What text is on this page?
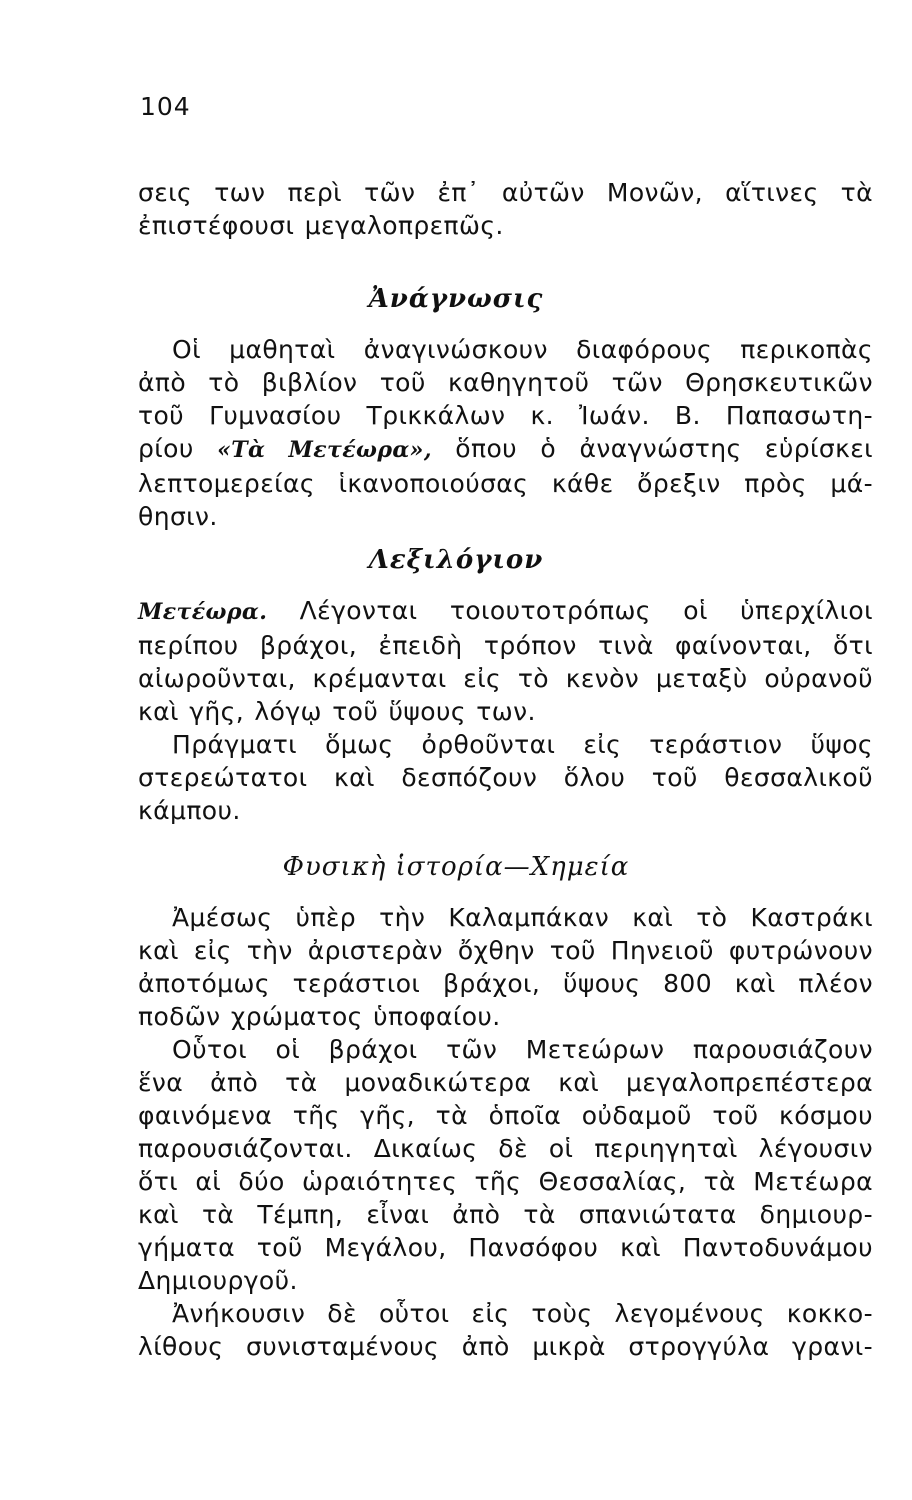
104
σεις των περὶ τῶν ἐπ᾽ αὐτῶν Μονῶν, αἵτινες τὰ
ἐπιστέφουσι μεγαλοπρεπῶς.
Ἀνάγνωσις
Οἱ μαθηταὶ ἀναγινώσκουν διαφόρους περικοπὰς
ἀπὸ τὸ βιβλίον τοῦ καθηγητοῦ τῶν Θρησκευτικῶν
τοῦ Γυμνασίου Τρικκάλων κ. Ἰωάν. Β. Παπασωτη-
ρίου «Τὰ Μετέωρα», ὅπου ὁ ἀναγνώστης εὑρίσκει
λεπτομερείας ἱκανοποιούσας κάθε ὄρεξιν πρὸς μά-
θησιν.
Λεξιλόγιον
Μετέωρα. Λέγονται τοιουτοτρόπως οἱ ὑπερχίλιοι
περίπου βράχοι, ἐπειδὴ τρόπον τινὰ φαίνονται, ὅτι
αἰωροῦνται, κρέμανται εἰς τὸ κενὸν μεταξὺ οὐρανοῦ
καὶ γῆς, λόγῳ τοῦ ὕψους των.
Πράγματι ὅμως ὀρθοῦνται εἰς τεράστιον ὕψος
στερεώτατοι καὶ δεσπόζουν ὅλου τοῦ θεσσαλικοῦ
κάμπου.
Φυσικὴ ἱστορία—Χημεία
Ἀμέσως ὑπὲρ τὴν Καλαμπάκαν καὶ τὸ Καστράκι
καὶ εἰς τὴν ἀριστερὰν ὄχθην τοῦ Πηνειοῦ φυτρώνουν
ἀποτόμως τεράστιοι βράχοι, ὕψους 800 καὶ πλέον
ποδῶν χρώματος ὑποφαίου.
Οὗτοι οἱ βράχοι τῶν Μετεώρων παρουσιάζουν
ἕνα ἀπὸ τὰ μοναδικώτερα καὶ μεγαλοπρεπέστερα
φαινόμενα τῆς γῆς, τὰ ὁποῖα οὐδαμοῦ τοῦ κόσμου
παρουσιάζονται. Δικαίως δὲ οἱ περιηγηταὶ λέγουσιν
ὅτι αἱ δύο ὡραιότητες τῆς Θεσσαλίας, τὰ Μετέωρα
καὶ τὰ Τέμπη, εἶναι ἀπὸ τὰ σπανιώτατα δημιουρ-
γήματα τοῦ Μεγάλου, Πανσόφου καὶ Παντοδυνάμου
Δημιουργοῦ.
Ἀνήκουσιν δὲ οὗτοι εἰς τοὺς λεγομένους κοκκο-
λίθους συνισταμένους ἀπὸ μικρὰ στρογγύλα γρανι-
